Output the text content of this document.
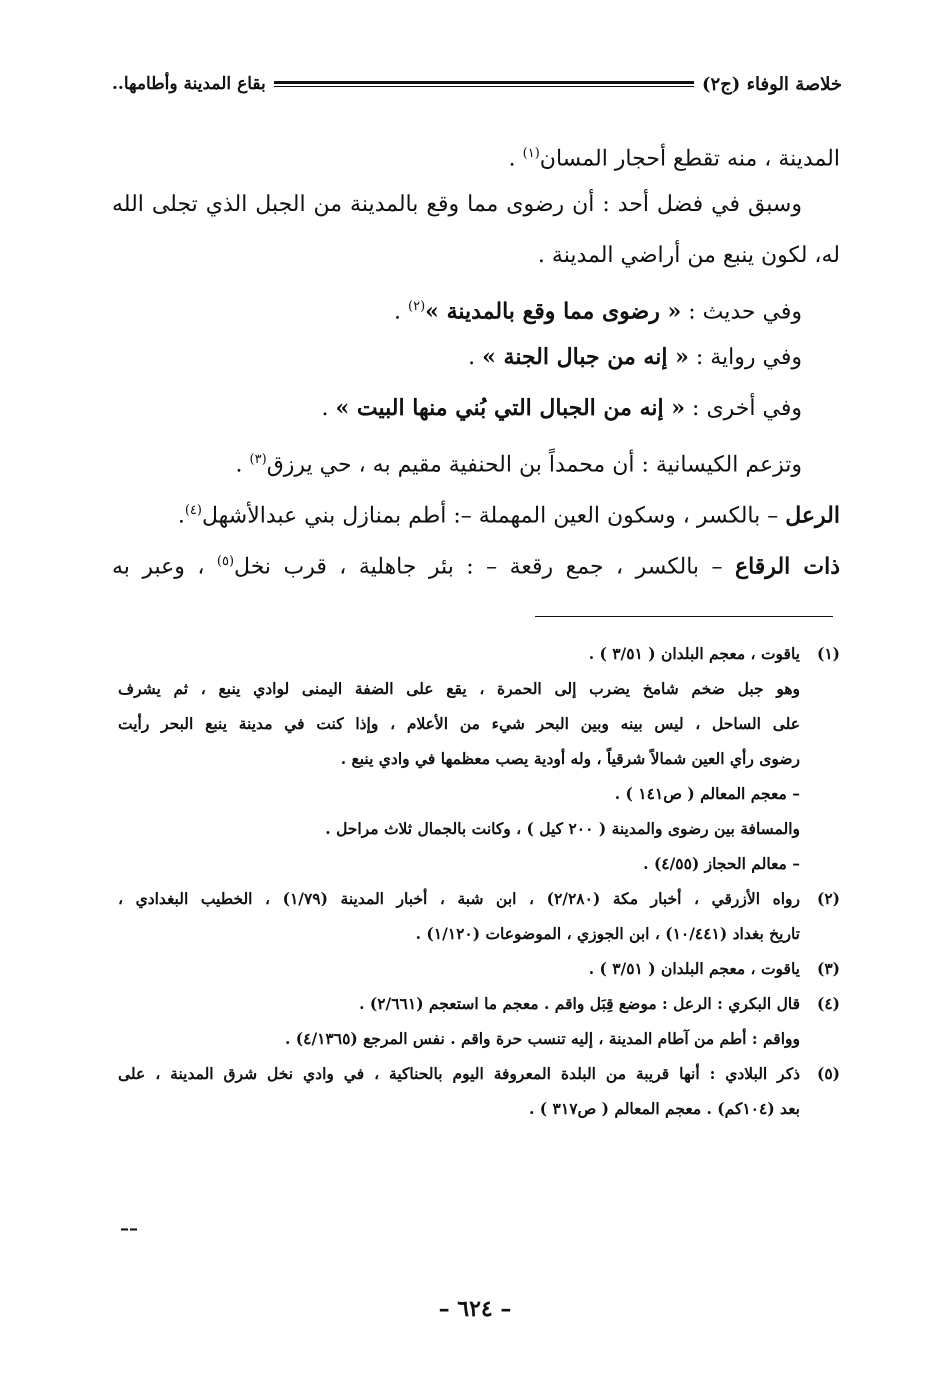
خلاصة الوفاء (ج٢)
بقاع المدينة وأطامها..
المدينة ، منه تقطع أحجار المسان$^{(١)}$ .
وسبق في فضل أحد : أن رضوى مما وقع بالمدينة من الجبل الذي تجلى الله
له، لكون ينبع من أراضي المدينة .
وفي حديث : « رضوى مما وقع بالمدينة »$^{(٢)}$ .
وفي رواية : « إنه من جبال الجنة » .
وفي أخرى : « إنه من الجبال التي بُني منها البيت » .
وتزعم الكيسانية : أن محمداً بن الحنفية مقيم به ، حي يرزق$^{(٣)}$ .
الرعل – بالكسر ، وسكون العين المهملة –: أطم بمنازل بني عبدالأشهل$^{(٤)}$.
ذات الرقاع – بالكسر ، جمع رقعة – : بئر جاهلية ، قرب نخل$^{(٥)}$ ، وعبر به
(١)ياقوت ، معجم البلدان ( ٣/٥١ ) .
وهو جبل ضخم شامخ يضرب إلى الحمرة ، يقع على الضفة اليمنى لوادي ينبع ، ثم يشرف
على الساحل ، ليس بينه وبين البحر شيء من الأعلام ، وإذا كنت في مدينة ينبع البحر رأيت
رضوى رأي العين شمالاً شرقياً ، وله أودية يصب معظمها في وادي ينبع .
– معجم المعالم ( ص١٤١ ) .
والمسافة بين رضوى والمدينة ( ٢٠٠ كيل ) ، وكانت بالجمال ثلاث مراحل .
– معالم الحجاز (٤/٥٥) .
(٢)رواه الأزرقي ، أخبار مكة (٢/٢٨٠) ، ابن شبة ، أخبار المدينة (١/٧٩) ، الخطيب البغدادي ،
تاريخ بغداد (١٠/٤٤١) ، ابن الجوزي ، الموضوعات (١/١٢٠) .
(٣)ياقوت ، معجم البلدان ( ٣/٥١ ) .
(٤)قال البكري : الرعل : موضع قِبَل واقم . معجم ما استعجم (٢/٦٦١) .
وواقم : أطم من آطام المدينة ، إليه تنسب حرة واقم . نفس المرجع (٤/١٣٦٥) .
(٥)ذكر البلادي : أنها قريبة من البلدة المعروفة اليوم بالحناكية ، في وادي نخل شرق المدينة ، على
بعد (١٠٤كم) . معجم المعالم ( ص٣١٧ ) .
––
– ٦٢٤ –
